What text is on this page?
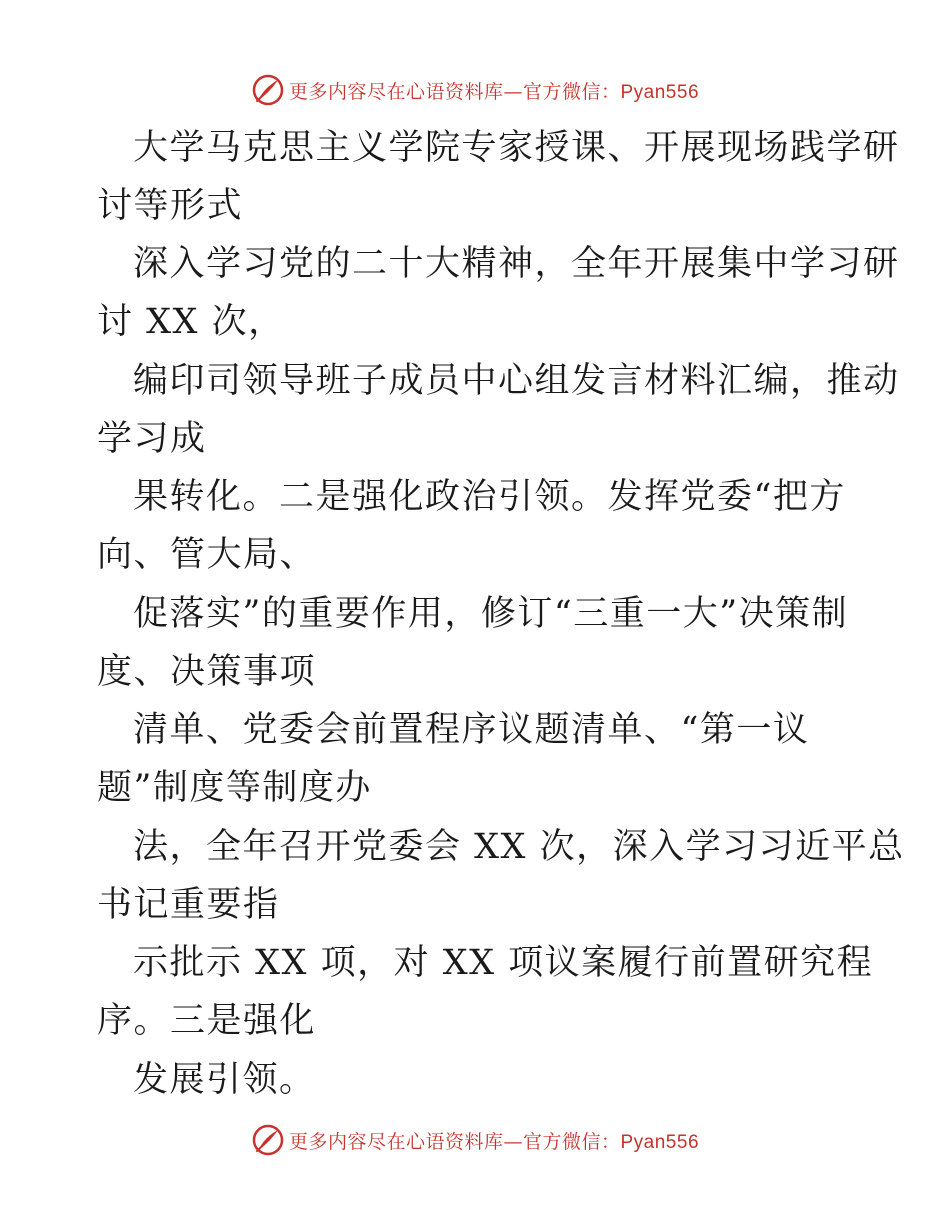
更多内容尽在心语资料库—官方微信：Pyan556
大学马克思主义学院专家授课、开展现场践学研
讨等形式
深入学习党的二十大精神，全年开展集中学习研
讨 XX 次，
编印司领导班子成员中心组发言材料汇编，推动
学习成
果转化。二是强化政治引领。发挥党委“把方
向、管大局、
促落实”的重要作用，修订“三重一大”决策制
度、决策事项
清单、党委会前置程序议题清单、“第一议
题”制度等制度办
法，全年召开党委会 XX 次，深入学习习近平总
书记重要指
示批示 XX 项，对 XX 项议案履行前置研究程
序。三是强化
发展引领。
更多内容尽在心语资料库—官方微信：Pyan556
